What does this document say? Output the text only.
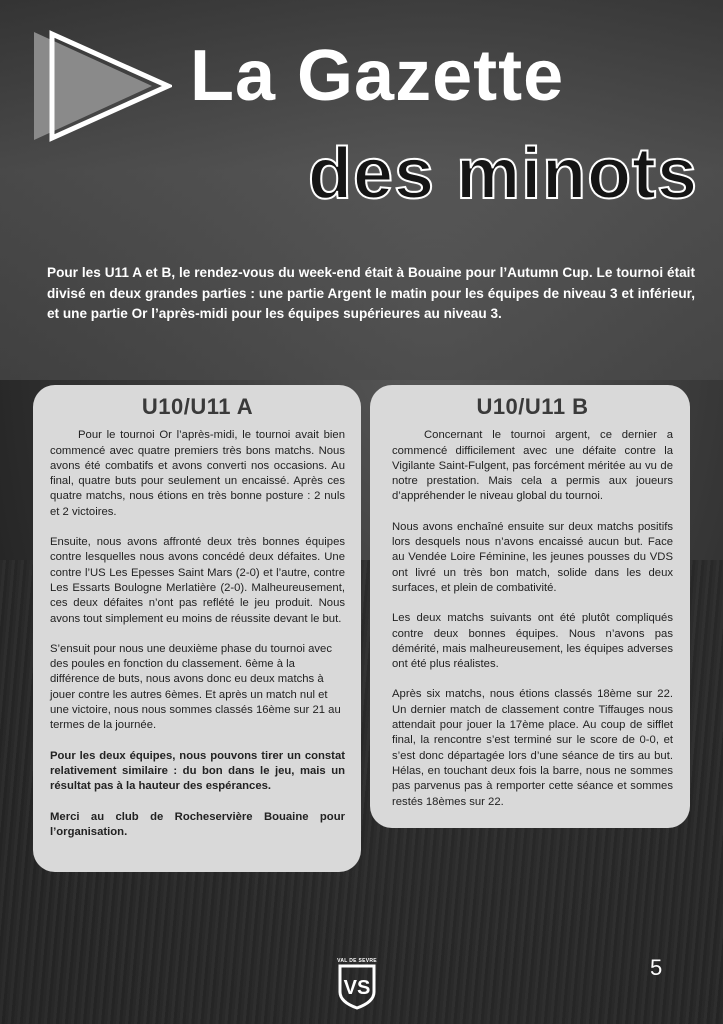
La Gazette
des minots
Pour les U11 A et B, le rendez-vous du week-end était à Bouaine pour l’Autumn Cup. Le tournoi était divisé en deux grandes parties : une partie Argent le matin pour les équipes de niveau 3 et inférieur, et une partie Or l’après-midi pour les équipes supérieures au niveau 3.
U10/U11 A

Pour le tournoi Or l’après-midi, le tournoi avait bien commencé avec quatre premiers très bons matchs. Nous avons été combatifs et avons converti nos occasions. Au final, quatre buts pour seulement un encaissé. Après ces quatre matchs, nous étions en très bonne posture : 2 nuls et 2 victoires.

Ensuite, nous avons affronté deux très bonnes équipes contre lesquelles nous avons concédé deux défaites. Une contre l’US Les Epesses Saint Mars (2-0) et l’autre, contre Les Essarts Boulogne Merlatière (2-0). Malheureusement, ces deux défaites n’ont pas reflété le jeu produit. Nous avons tout simplement eu moins de réussite devant le but.

S’ensuit pour nous une deuxième phase du tournoi avec des poules en fonction du classement. 6ème à la différence de buts, nous avons donc eu deux matchs à jouer contre les autres 6èmes. Et après un match nul et une victoire, nous nous sommes classés 16ème sur 21 au termes de la journée.

Pour les deux équipes, nous pouvons tirer un constat relativement similaire : du bon dans le jeu, mais un résultat pas à la hauteur des espérances.

Merci au club de Rocheservière Bouaine pour l’organisation.

U10/U11 B

Concernant le tournoi argent, ce dernier a commencé difficilement avec une défaite contre la Vigilante Saint-Fulgent, pas forcément méritée au vu de notre prestation. Mais cela a permis aux joueurs d’appréhender le niveau global du tournoi.

Nous avons enchaîné ensuite sur deux matchs positifs lors desquels nous n’avons encaissé aucun but. Face au Vendée Loire Féminine, les jeunes pousses du VDS ont livré un très bon match, solide dans les deux surfaces, et plein de combativité.

Les deux matchs suivants ont été plutôt compliqués contre deux bonnes équipes. Nous n’avons pas démérité, mais malheureusement, les équipes adverses ont été plus réalistes.

Après six matchs, nous étions classés 18ème sur 22. Un dernier match de classement contre Tiffauges nous attendait pour jouer la 17ème place. Au coup de sifflet final, la rencontre s’est terminé sur le score de 0-0, et s’est donc départagée lors d’une séance de tirs au but. Hélas, en touchant deux fois la barre, nous ne sommes pas parvenus pas à remporter cette séance et sommes restés 18èmes sur 22.

VAL DE SEVRE
VS
5
